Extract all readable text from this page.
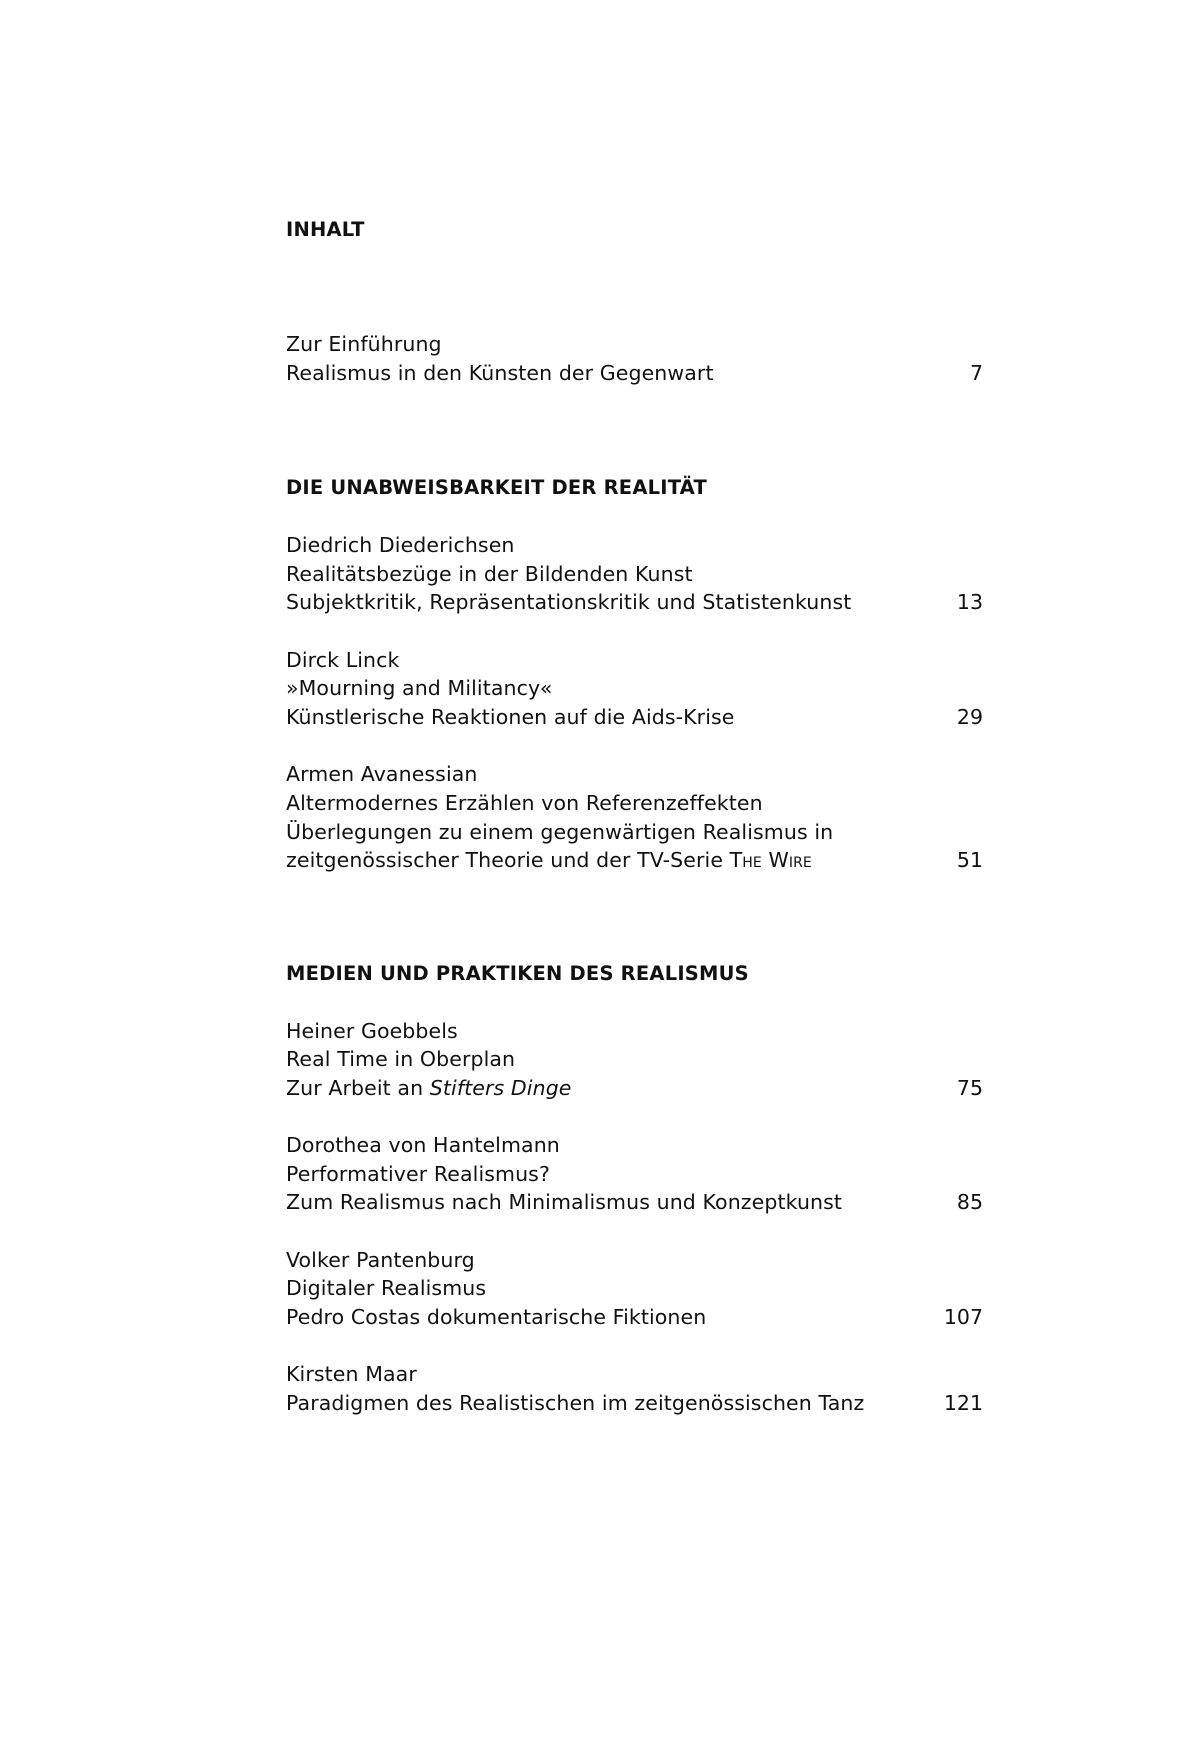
INHALT
Zur Einführung
Realismus in den Künsten der Gegenwart	7
DIE UNABWEISBARKEIT DER REALITÄT
Diedrich Diederichsen
Realitätsbezüge in der Bildenden Kunst
Subjektkritik, Repräsentationskritik und Statistenkunst	13
Dirck Linck
»Mourning and Militancy«
Künstlerische Reaktionen auf die Aids-Krise	29
Armen Avanessian
Altermodernes Erzählen von Referenzeffekten
Überlegungen zu einem gegenwärtigen Realismus in
zeitgenössischer Theorie und der TV-Serie The Wire	51
MEDIEN UND PRAKTIKEN DES REALISMUS
Heiner Goebbels
Real Time in Oberplan
Zur Arbeit an Stifters Dinge	75
Dorothea von Hantelmann
Performativer Realismus?
Zum Realismus nach Minimalismus und Konzeptkunst	85
Volker Pantenburg
Digitaler Realismus
Pedro Costas dokumentarische Fiktionen	107
Kirsten Maar
Paradigmen des Realistischen im zeitgenössischen Tanz	121
